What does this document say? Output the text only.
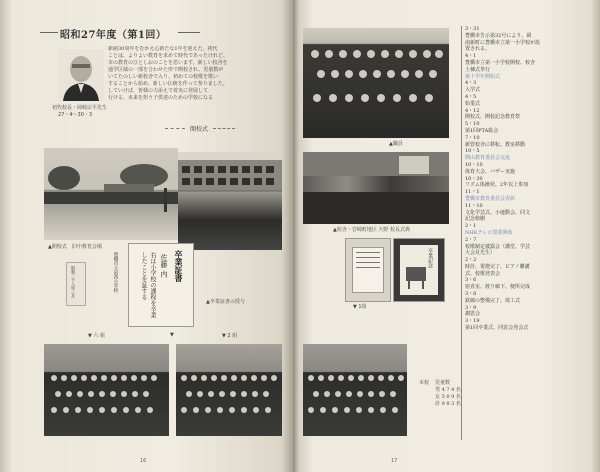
昭和27年度（第1回）
初代校長・岡崎宗平先生
27・4～30・3
新制30周年をむかえ心新たな1年を迎えた。初代
ことは、よりよい教育を求めて時代であったけれど、
市の教育のひとしおのことを思います。新しい校舎を
通学区域の一部を合わせた形で開校され、児童数が
いてたのしい新校舎で入り、初めての校歌を歌い
することから始め、新しい伝統を作って参りました。
していけば、皆様の力添えで着実に発展して
行ける、未来を担う子供達のための学校になる
開校式
▲開校式　旧中教育会場
卒業証書
佐藤 内
右は小学校の課程を卒業したことを証する
豊橋市立岩西小学校
昭和二十八年三月
▲卒業証書の授与
▼ 六 組	▼ 2 組
▼
16
▲職員
▲校舎・岩崎町地区 大野 校長式典
卒業記念
▼ 1組
本校 児童数
男 4 7 4 名
女 5 0 9 名
計 9 8 3 名
3・31
豊橋市告示第32号により、岡
南新町に豊橋市立第一小学校が設
置される。
4・1
豊橋市立第一小学校開校、校舎
土棟式挙行
第十学年開始式
4・3
入学式
4・5
始業式
4・12
開校式、開校記念教育祭
5・10
第1回PTA総会
7・10
新管校舎に移転、教室移動
10・5
開山教育委員会交流
10・10
体育大会、バザー実施
10・30
リズム体操発、2年以上参加
11・1
豊橋市教育委員会表彰
11・10
文化学芸式、小運動会、同文
記念植樹
2・1
NHKテレビ授業開始
2・7
校歌制定披露会（講堂、学芸
大会見先生）
2・2
時計、電燈完了、ピアノ購講
式、校歌発表会
3・6
宿直室、渡り廊下、便所完成
3・8
鉄線の整備完了、竣工式
3・9
謝恩会
3・19
第1回卒業式、同窓会発会式
17
